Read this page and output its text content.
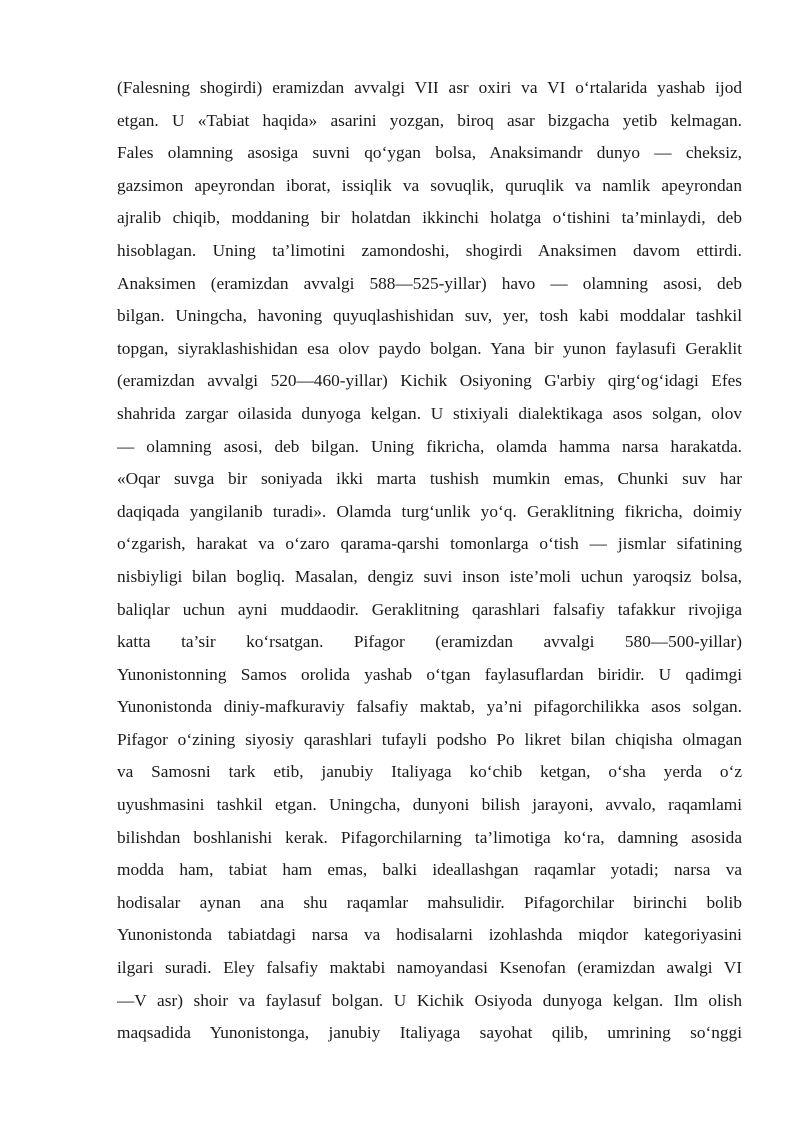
(Falesning shogirdi) eramizdan avvalgi VII asr oxiri va VI o‘rtalarida yashab ijod
etgan. U «Tabiat haqida» asarini yozgan, biroq asar bizgacha yetib kelmagan.
Fales olamning asosiga suvni qo‘ygan bolsa, Anaksimandr dunyo — cheksiz,
gazsimon apeyrondan iborat, issiqlik va sovuqlik, quruqlik va namlik apeyrondan
ajralib chiqib, moddaning bir holatdan ikkinchi holatga o‘tishini ta’minlaydi, deb
hisoblagan. Uning ta’limotini zamondoshi, shogirdi Anaksimen davom ettirdi.
Anaksimen (eramizdan avvalgi 588—525-yillar) havo — olamning asosi, deb
bilgan. Uningcha, havoning quyuqlashishidan suv, yer, tosh kabi moddalar tashkil
topgan, siyraklashishidan esa olov paydo bolgan. Yana bir yunon faylasufi Geraklit
(eramizdan avvalgi 520—460-yillar) Kichik Osiyoning G'arbiy qirg‘og‘idagi Efes
shahrida zargar oilasida dunyoga kelgan. U stixiyali dialektikaga asos solgan, olov
— olamning asosi, deb bilgan. Uning fikricha, olamda hamma narsa harakatda.
«Oqar suvga bir soniyada ikki marta tushish mumkin emas, Chunki suv har
daqiqada yangilanib turadi». Olamda turg‘unlik yo‘q. Geraklitning fikricha, doimiy
o‘zgarish, harakat va o‘zaro qarama-qarshi tomonlarga o‘tish — jismlar sifatining
nisbiyligi bilan bogliq. Masalan, dengiz suvi inson iste’moli uchun yaroqsiz bolsa,
baliqlar uchun ayni muddaodir. Geraklitning qarashlari falsafiy tafakkur rivojiga
katta ta’sir ko‘rsatgan. Pifagor (eramizdan avvalgi 580—500-yillar)
Yunonistonning Samos orolida yashab o‘tgan faylasuflardan biridir. U qadimgi
Yunonistonda diniy-mafkuraviy falsafiy maktab, ya’ni pifagorchilikka asos solgan.
Pifagor o‘zining siyosiy qarashlari tufayli podsho Po likret bilan chiqisha olmagan
va Samosni tark etib, janubiy Italiyaga ko‘chib ketgan, o‘sha yerda o‘z
uyushmasini tashkil etgan. Uningcha, dunyoni bilish jarayoni, avvalo, raqamlami
bilishdan boshlanishi kerak. Pifagorchilarning ta’limotiga ko‘ra, damning asosida
modda ham, tabiat ham emas, balki ideallashgan raqamlar yotadi; narsa va
hodisalar aynan ana shu raqamlar mahsulidir. Pifagorchilar birinchi bolib
Yunonistonda tabiatdagi narsa va hodisalarni izohlashda miqdor kategoriyasini
ilgari suradi. Eley falsafiy maktabi namoyandasi Ksenofan (eramizdan awalgi VI
—V asr) shoir va faylasuf bolgan. U Kichik Osiyoda dunyoga kelgan. Ilm olish
maqsadida Yunonistonga, janubiy Italiyaga sayohat qilib, umrining so‘nggi
